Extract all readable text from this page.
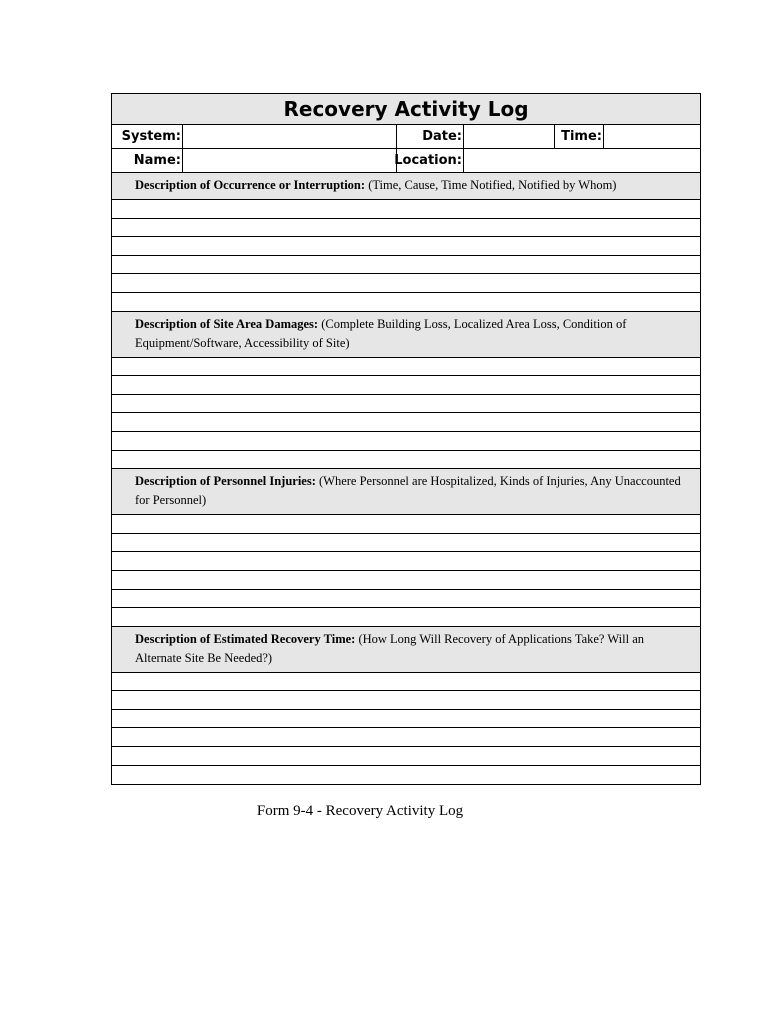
Recovery Activity Log
System:	Date:	Time:
Name:	Location:
Description of Occurrence or Interruption: (Time, Cause, Time Notified, Notified by Whom)
Description of Site Area Damages: (Complete Building Loss, Localized Area Loss, Condition of Equipment/Software, Accessibility of Site)
Description of Personnel Injuries: (Where Personnel are Hospitalized, Kinds of Injuries, Any Unaccounted for Personnel)
Description of Estimated Recovery Time: (How Long Will Recovery of Applications Take? Will an Alternate Site Be Needed?)
Form 9-4 - Recovery Activity Log
